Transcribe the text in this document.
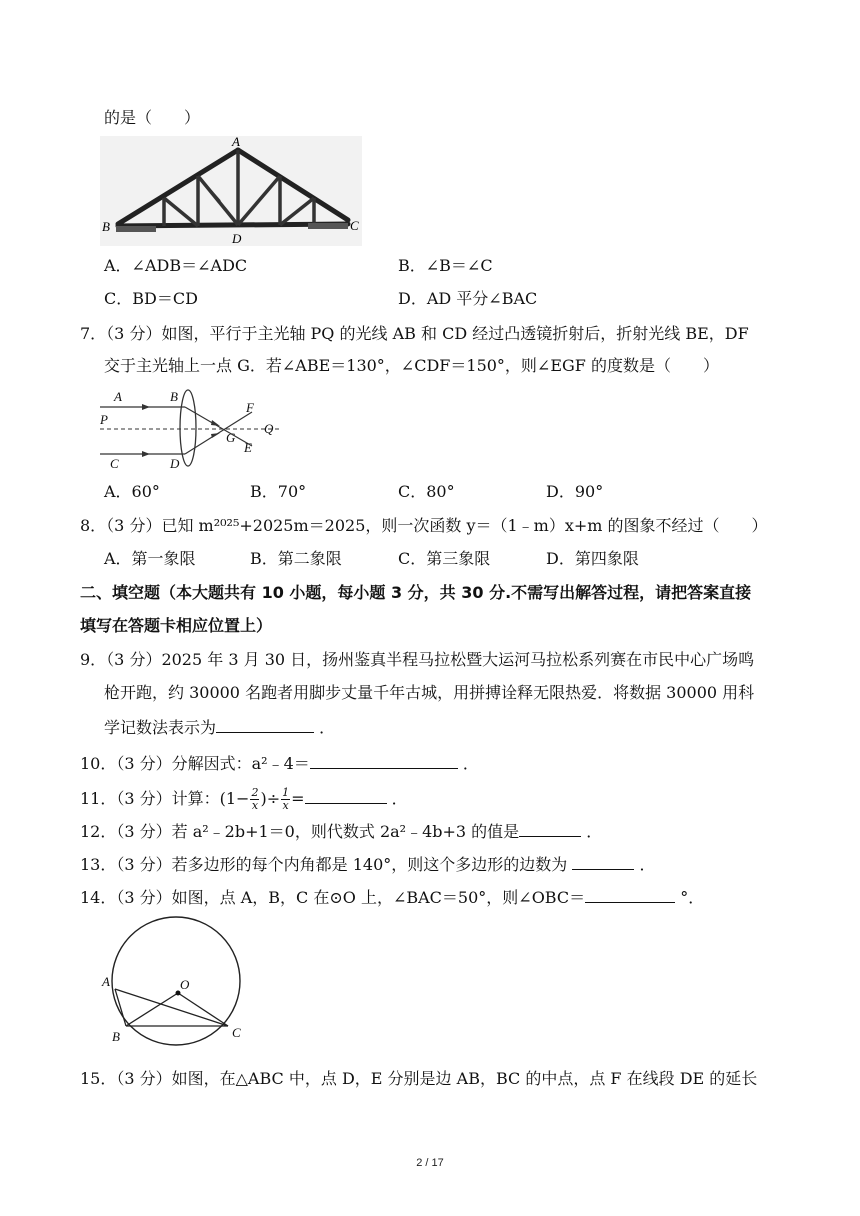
的是（　　）
A
B	C
D
A．∠ADB＝∠ADC	B．∠B＝∠C
C．BD＝CD	D．AD 平分∠BAC
7．（3 分）如图，平行于主光轴 PQ 的光线 AB 和 CD 经过凸透镜折射后，折射光线 BE，DF
交于主光轴上一点 G．若∠ABE＝130°，∠CDF＝150°，则∠EGF 的度数是（　　）
A	B
P
F
G
Q
C	D
E
A．60°	B．70°	C．80°	D．90°
8．（3 分）已知 m²⁰²⁵+2025m＝2025，则一次函数 y＝（1﹣m）x+m 的图象不经过（　　）
A．第一象限	B．第二象限	C．第三象限	D．第四象限
二、填空题（本大题共有 10 小题，每小题 3 分，共 30 分.不需写出解答过程，请把答案直接
填写在答题卡相应位置上）
9．（3 分）2025 年 3 月 30 日，扬州鉴真半程马拉松暨大运河马拉松系列赛在市民中心广场鸣
枪开跑，约 30000 名跑者用脚步丈量千年古城，用拼搏诠释无限热爱．将数据 30000 用科
学记数法表示为	．
10．（3 分）分解因式：a²﹣4＝	．
11．（3 分）计算：($1- \frac{2}{x}$ )÷ $\frac{1}{x}$ =	．
12．（3 分）若 a²﹣2b+1＝0，则代数式 2a²﹣4b+3 的值是	．
13．（3 分）若多边形的每个内角都是 140°，则这个多边形的边数为	．
14．（3 分）如图，点 A，B，C 在⊙O 上，∠BAC＝50°，则∠OBC＝	°．
A	O
B	C
15．（3 分）如图，在△ABC 中，点 D，E 分别是边 AB，BC 的中点，点 F 在线段 DE 的延长
2 / 17
